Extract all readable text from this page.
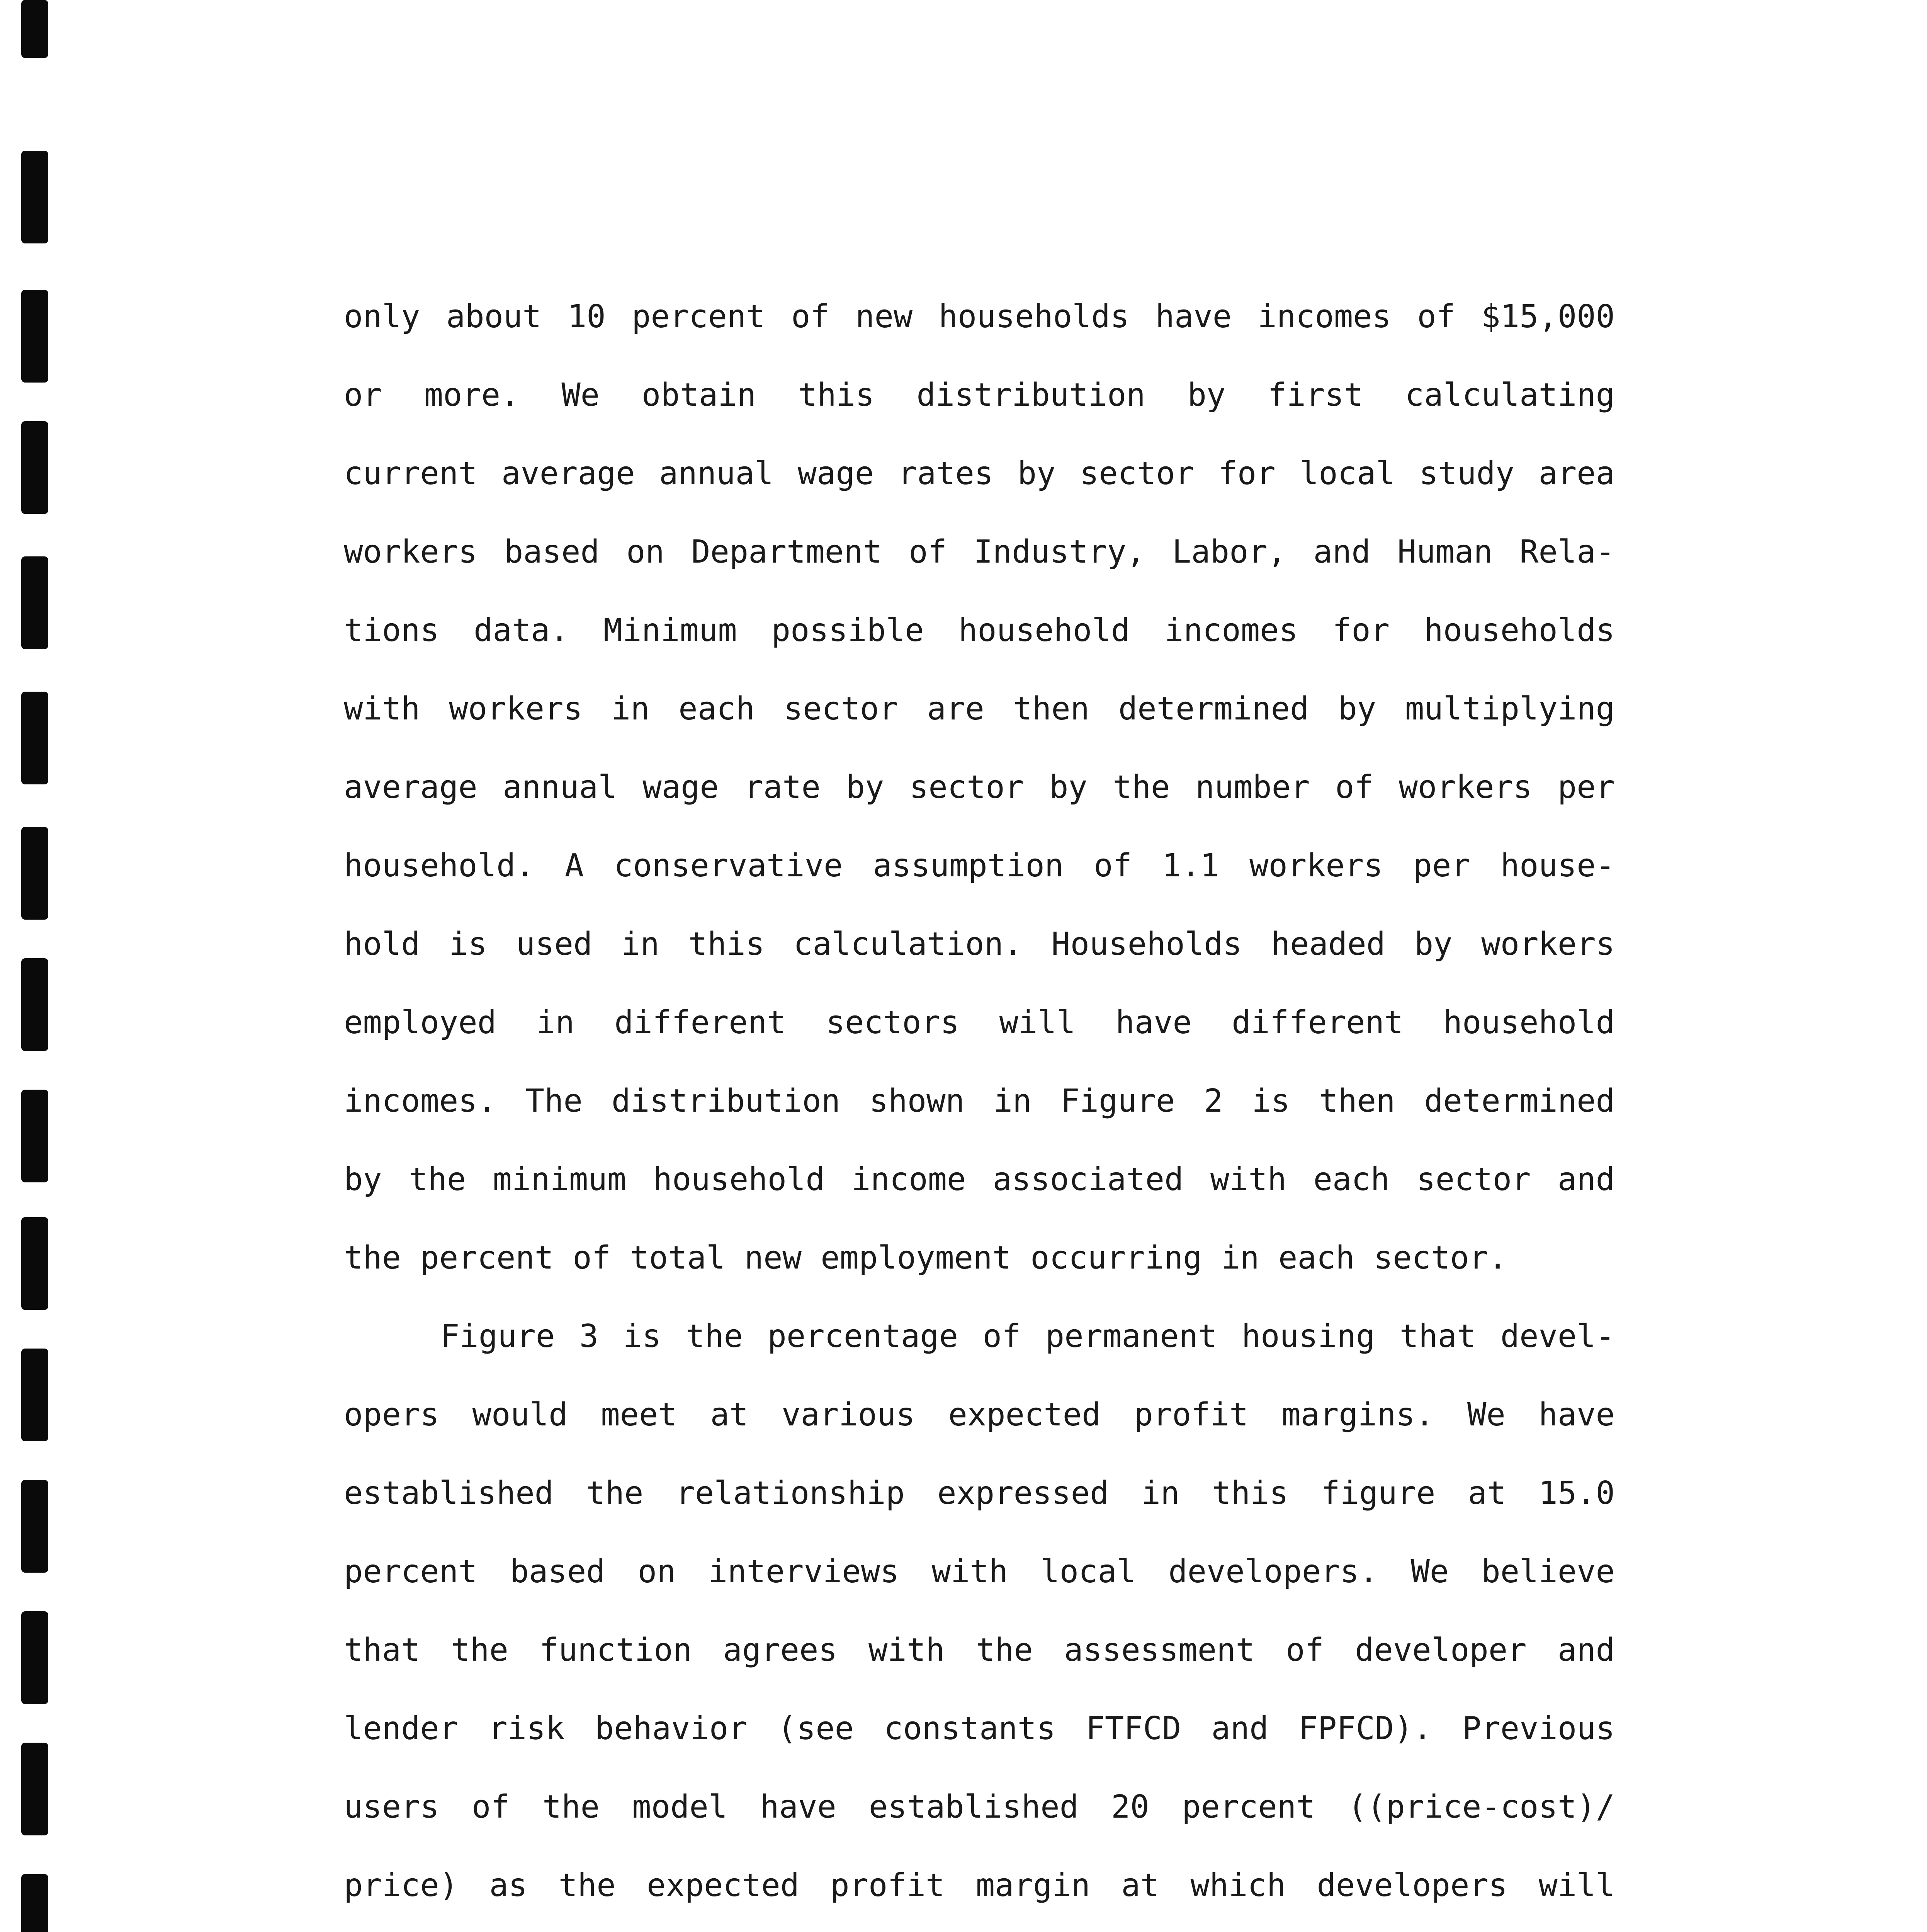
only about 10 percent of new households have incomes of $15,000
or more. We obtain this distribution by first calculating
current average annual wage rates by sector for local study area
workers based on Department of Industry, Labor, and Human Rela-
tions data. Minimum possible household incomes for households
with workers in each sector are then determined by multiplying
average annual wage rate by sector by the number of workers per
household. A conservative assumption of 1.1 workers per house-
hold is used in this calculation. Households headed by workers
employed in different sectors will have different household
incomes. The distribution shown in Figure 2 is then determined
by the minimum household income associated with each sector and
the percent of total new employment occurring in each sector.
Figure 3 is the percentage of permanent housing that devel-
opers would meet at various expected profit margins. We have
established the relationship expressed in this figure at 15.0
percent based on interviews with local developers. We believe
that the function agrees with the assessment of developer and
lender risk behavior (see constants FTFCD and FPFCD). Previous
users of the model have established 20 percent ((price-cost)/
price) as the expected profit margin at which developers will
